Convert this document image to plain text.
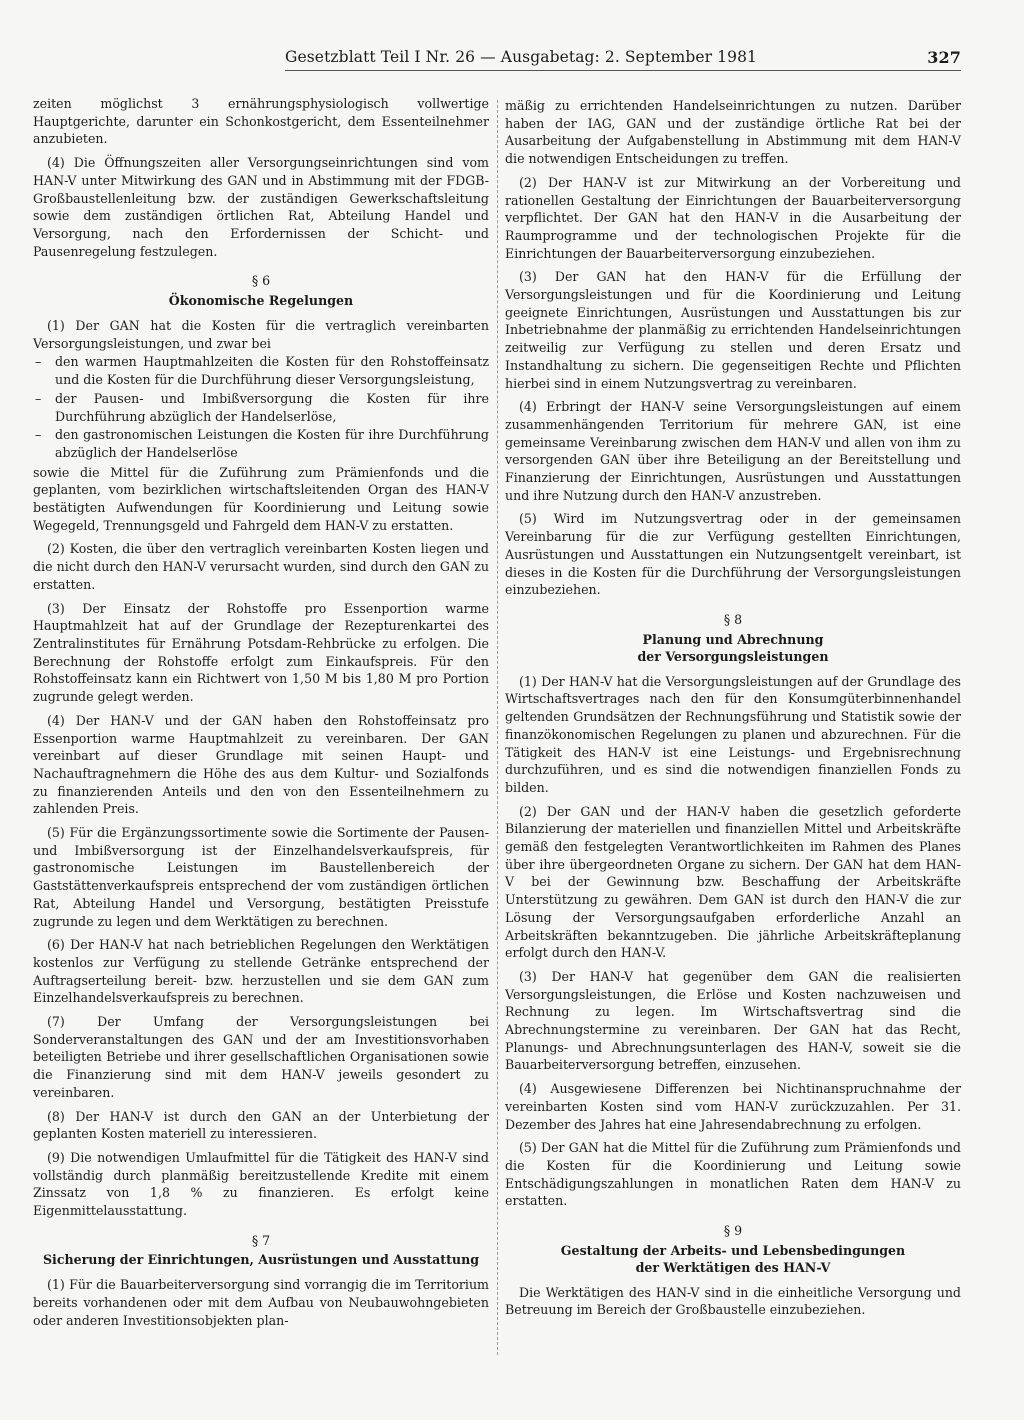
Gesetzblatt Teil I Nr. 26 — Ausgabetag: 2. September 1981	327

zeiten möglichst 3 ernährungsphysiologisch vollwertige Hauptgerichte, darunter ein Schonkostgericht, dem Essenteilnehmer anzubieten.

(4) Die Öffnungszeiten aller Versorgungseinrichtungen sind vom HAN-V unter Mitwirkung des GAN und in Abstimmung mit der FDGB-Großbaustellenleitung bzw. der zuständigen Gewerkschaftsleitung sowie dem zuständigen örtlichen Rat, Abteilung Handel und Versorgung, nach den Erfordernissen der Schicht- und Pausenregelung festzulegen.

§ 6
Ökonomische Regelungen

(1) Der GAN hat die Kosten für die vertraglich vereinbarten Versorgungsleistungen, und zwar bei

– den warmen Hauptmahlzeiten die Kosten für den Rohstoffeinsatz und die Kosten für die Durchführung dieser Versorgungsleistung,
– der Pausen- und Imbißversorgung die Kosten für ihre Durchführung abzüglich der Handelserlöse,
– den gastronomischen Leistungen die Kosten für ihre Durchführung abzüglich der Handelserlöse

sowie die Mittel für die Zuführung zum Prämienfonds und die geplanten, vom bezirklichen wirtschaftsleitenden Organ des HAN-V bestätigten Aufwendungen für Koordinierung und Leitung sowie Wegegeld, Trennungsgeld und Fahrgeld dem HAN-V zu erstatten.

(2) Kosten, die über den vertraglich vereinbarten Kosten liegen und die nicht durch den HAN-V verursacht wurden, sind durch den GAN zu erstatten.

(3) Der Einsatz der Rohstoffe pro Essenportion warme Hauptmahlzeit hat auf der Grundlage der Rezepturenkartei des Zentralinstitutes für Ernährung Potsdam-Rehbrücke zu erfolgen. Die Berechnung der Rohstoffe erfolgt zum Einkaufspreis. Für den Rohstoffeinsatz kann ein Richtwert von 1,50 M bis 1,80 M pro Portion zugrunde gelegt werden.

(4) Der HAN-V und der GAN haben den Rohstoffeinsatz pro Essenportion warme Hauptmahlzeit zu vereinbaren. Der GAN vereinbart auf dieser Grundlage mit seinen Haupt- und Nachauftragnehmern die Höhe des aus dem Kultur- und Sozialfonds zu finanzierenden Anteils und den von den Essenteilnehmern zu zahlenden Preis.

(5) Für die Ergänzungssortimente sowie die Sortimente der Pausen- und Imbißversorgung ist der Einzelhandelsverkaufspreis, für gastronomische Leistungen im Baustellenbereich der Gaststättenverkaufspreis entsprechend der vom zuständigen örtlichen Rat, Abteilung Handel und Versorgung, bestätigten Preisstufe zugrunde zu legen und dem Werktätigen zu berechnen.

(6) Der HAN-V hat nach betrieblichen Regelungen den Werktätigen kostenlos zur Verfügung zu stellende Getränke entsprechend der Auftragserteilung bereit- bzw. herzustellen und sie dem GAN zum Einzelhandelsverkaufspreis zu berechnen.

(7) Der Umfang der Versorgungsleistungen bei Sonderveranstaltungen des GAN und der am Investitionsvorhaben beteiligten Betriebe und ihrer gesellschaftlichen Organisationen sowie die Finanzierung sind mit dem HAN-V jeweils gesondert zu vereinbaren.

(8) Der HAN-V ist durch den GAN an der Unterbietung der geplanten Kosten materiell zu interessieren.

(9) Die notwendigen Umlaufmittel für die Tätigkeit des HAN-V sind vollständig durch planmäßig bereitzustellende Kredite mit einem Zinssatz von 1,8 % zu finanzieren. Es erfolgt keine Eigenmittelausstattung.

§ 7
Sicherung der Einrichtungen, Ausrüstungen und Ausstattung

(1) Für die Bauarbeiterversorgung sind vorrangig die im Territorium bereits vorhandenen oder mit dem Aufbau von Neubauwohngebieten oder anderen Investitionsobjekten plan-

mäßig zu errichtenden Handelseinrichtungen zu nutzen. Darüber haben der IAG, GAN und der zuständige örtliche Rat bei der Ausarbeitung der Aufgabenstellung in Abstimmung mit dem HAN-V die notwendigen Entscheidungen zu treffen.

(2) Der HAN-V ist zur Mitwirkung an der Vorbereitung und rationellen Gestaltung der Einrichtungen der Bauarbeiterversorgung verpflichtet. Der GAN hat den HAN-V in die Ausarbeitung der Raumprogramme und der technologischen Projekte für die Einrichtungen der Bauarbeiterversorgung einzubeziehen.

(3) Der GAN hat den HAN-V für die Erfüllung der Versorgungsleistungen und für die Koordinierung und Leitung geeignete Einrichtungen, Ausrüstungen und Ausstattungen bis zur Inbetriebnahme der planmäßig zu errichtenden Handelseinrichtungen zeitweilig zur Verfügung zu stellen und deren Ersatz und Instandhaltung zu sichern. Die gegenseitigen Rechte und Pflichten hierbei sind in einem Nutzungsvertrag zu vereinbaren.

(4) Erbringt der HAN-V seine Versorgungsleistungen auf einem zusammenhängenden Territorium für mehrere GAN, ist eine gemeinsame Vereinbarung zwischen dem HAN-V und allen von ihm zu versorgenden GAN über ihre Beteiligung an der Bereitstellung und Finanzierung der Einrichtungen, Ausrüstungen und Ausstattungen und ihre Nutzung durch den HAN-V anzustreben.

(5) Wird im Nutzungsvertrag oder in der gemeinsamen Vereinbarung für die zur Verfügung gestellten Einrichtungen, Ausrüstungen und Ausstattungen ein Nutzungsentgelt vereinbart, ist dieses in die Kosten für die Durchführung der Versorgungsleistungen einzubeziehen.

§ 8
Planung und Abrechnung
der Versorgungsleistungen

(1) Der HAN-V hat die Versorgungsleistungen auf der Grundlage des Wirtschaftsvertrages nach den für den Konsumgüterbinnenhandel geltenden Grundsätzen der Rechnungsführung und Statistik sowie der finanzökonomischen Regelungen zu planen und abzurechnen. Für die Tätigkeit des HAN-V ist eine Leistungs- und Ergebnisrechnung durchzuführen, und es sind die notwendigen finanziellen Fonds zu bilden.

(2) Der GAN und der HAN-V haben die gesetzlich geforderte Bilanzierung der materiellen und finanziellen Mittel und Arbeitskräfte gemäß den festgelegten Verantwortlichkeiten im Rahmen des Planes über ihre übergeordneten Organe zu sichern. Der GAN hat dem HAN-V bei der Gewinnung bzw. Beschaffung der Arbeitskräfte Unterstützung zu gewähren. Dem GAN ist durch den HAN-V die zur Lösung der Versorgungsaufgaben erforderliche Anzahl an Arbeitskräften bekanntzugeben. Die jährliche Arbeitskräfteplanung erfolgt durch den HAN-V.

(3) Der HAN-V hat gegenüber dem GAN die realisierten Versorgungsleistungen, die Erlöse und Kosten nachzuweisen und Rechnung zu legen. Im Wirtschaftsvertrag sind die Abrechnungstermine zu vereinbaren. Der GAN hat das Recht, Planungs- und Abrechnungsunterlagen des HAN-V, soweit sie die Bauarbeiterversorgung betreffen, einzusehen.

(4) Ausgewiesene Differenzen bei Nichtinanspruchnahme der vereinbarten Kosten sind vom HAN-V zurückzuzahlen. Per 31. Dezember des Jahres hat eine Jahresendabrechnung zu erfolgen.

(5) Der GAN hat die Mittel für die Zuführung zum Prämienfonds und die Kosten für die Koordinierung und Leitung sowie Entschädigungszahlungen in monatlichen Raten dem HAN-V zu erstatten.

§ 9
Gestaltung der Arbeits- und Lebensbedingungen
der Werktätigen des HAN-V

Die Werktätigen des HAN-V sind in die einheitliche Versorgung und Betreuung im Bereich der Großbaustelle einzubeziehen.
